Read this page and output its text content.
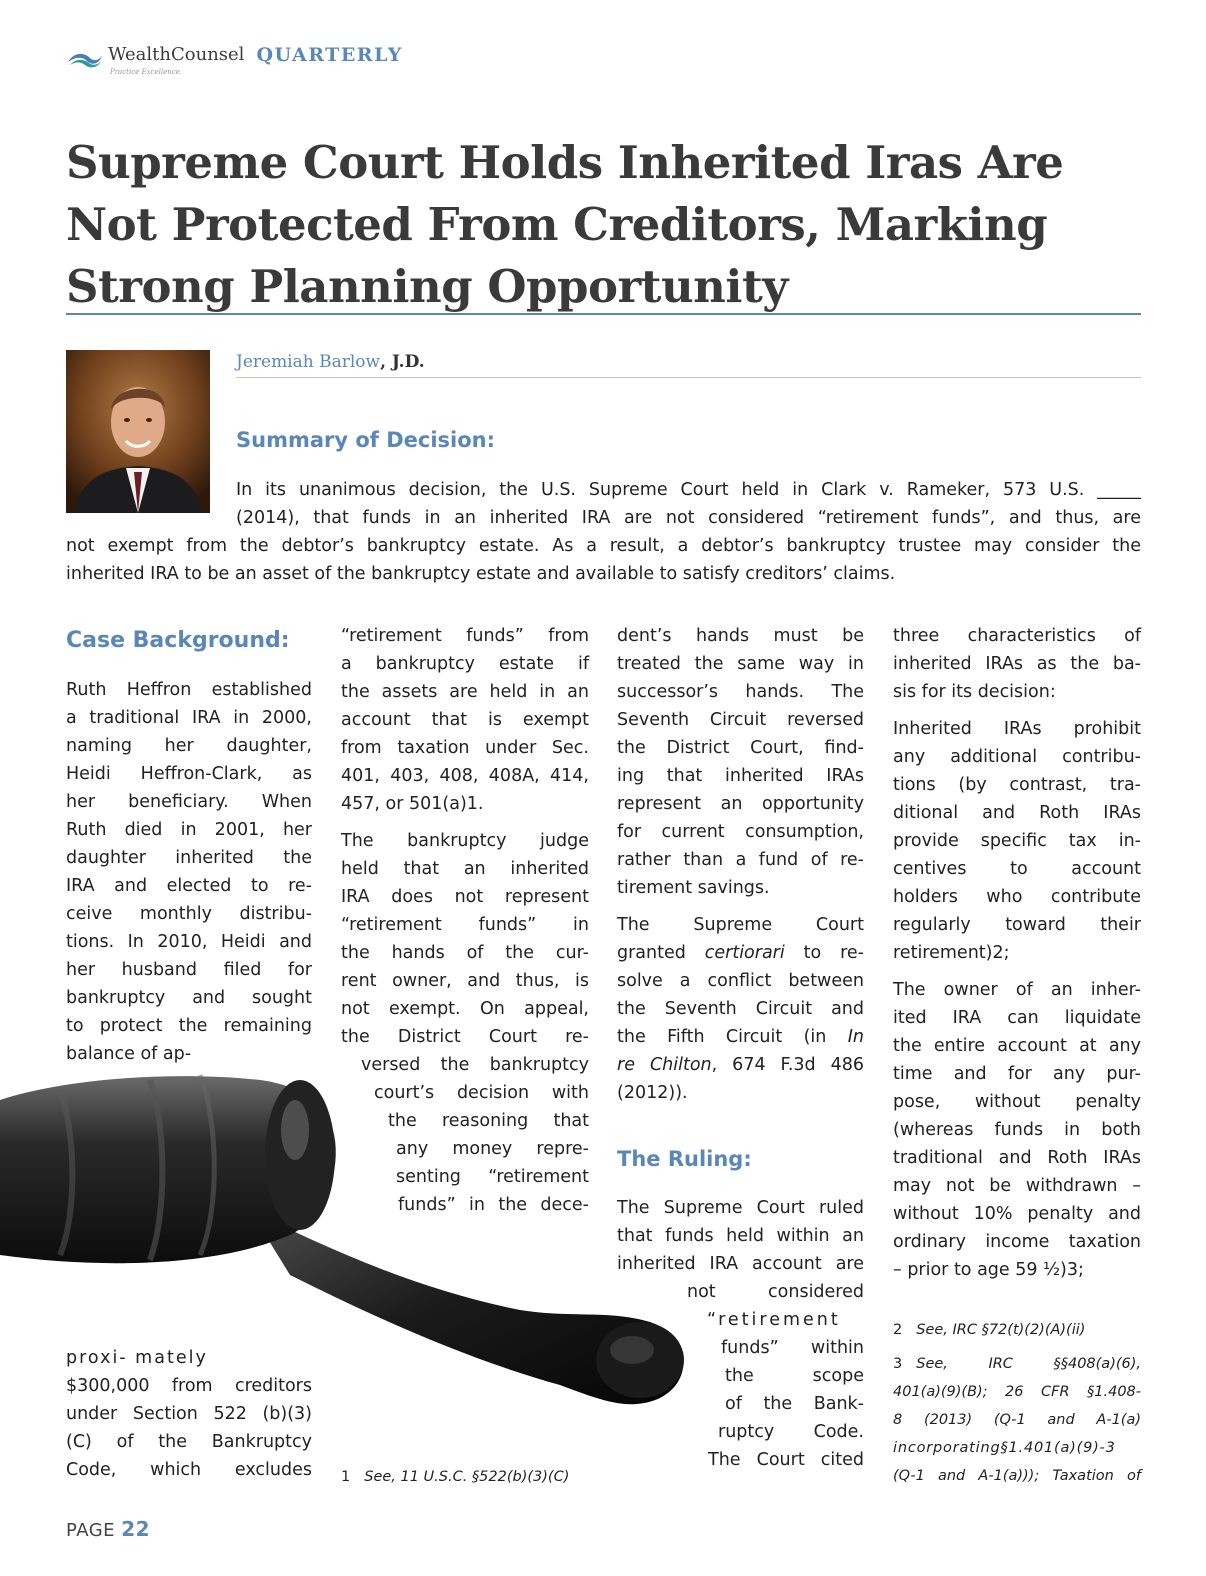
WealthCounsel
Practice Excellence.
QUARTERLY
Supreme Court Holds Inherited Iras Are
Not Protected From Creditors, Marking
Strong Planning Opportunity
Jeremiah Barlow, J.D.
Summary of Decision:
In its unanimous decision, the U.S. Supreme Court held in Clark v. Rameker, 573 U.S. _____
(2014), that funds in an inherited IRA are not considered “retirement funds”, and thus, are
not exempt from the debtor’s bankruptcy estate. As a result, a debtor’s bankruptcy trustee may consider the
inherited IRA to be an asset of the bankruptcy estate and available to satisfy creditors’ claims.
Case Background:
Ruth Heffron established
a traditional IRA in 2000,
naming her daughter,
Heidi Heffron-Clark, as
her beneficiary. When
Ruth died in 2001, her
daughter inherited the
IRA and elected to re-
ceive monthly distribu-
tions. In 2010, Heidi and
her husband filed for
bankruptcy and sought
to protect the remaining
balance of ap-
proxi- mately
$300,000 from creditors
under Section 522 (b)(3)
(C) of the Bankruptcy
Code, which excludes
“retirement funds” from
a bankruptcy estate if
the assets are held in an
account that is exempt
from taxation under Sec.
401, 403, 408, 408A, 414,
457, or 501(a)1.
The bankruptcy judge
held that an inherited
IRA does not represent
“retirement funds” in
the hands of the cur-
rent owner, and thus, is
not exempt. On appeal,
the District Court re-
versed the bankruptcy
court’s decision with
the reasoning that
any money repre-
senting “retirement
funds” in the dece-
1 See, 11 U.S.C. §522(b)(3)(C)
dent’s hands must be
treated the same way in
successor’s hands. The
Seventh Circuit reversed
the District Court, find-
ing that inherited IRAs
represent an opportunity
for current consumption,
rather than a fund of re-
tirement savings.
The Supreme Court
granted certiorari to re-
solve a conflict between
the Seventh Circuit and
the Fifth Circuit (in In
re Chilton, 674 F.3d 486
(2012)).
The Ruling:
The Supreme Court ruled
that funds held within an
inherited IRA account are
not considered
“retirement
funds” within
the scope
of the Bank-
ruptcy Code.
The Court cited
three characteristics of
inherited IRAs as the ba-
sis for its decision:
Inherited IRAs prohibit
any additional contribu-
tions (by contrast, tra-
ditional and Roth IRAs
provide specific tax in-
centives to account
holders who contribute
regularly toward their
retirement)2;
The owner of an inher-
ited IRA can liquidate
the entire account at any
time and for any pur-
pose, without penalty
(whereas funds in both
traditional and Roth IRAs
may not be withdrawn –
without 10% penalty and
ordinary income taxation
– prior to age 59 ½)3;
2 See, IRC §72(t)(2)(A)(ii)
3 See, IRC §§408(a)(6),
401(a)(9)(B); 26 CFR §1.408-
8 (2013) (Q-1 and A-1(a)
incorporating§1.401(a)(9)-3
(Q-1 and A-1(a))); Taxation of
PAGE 22
